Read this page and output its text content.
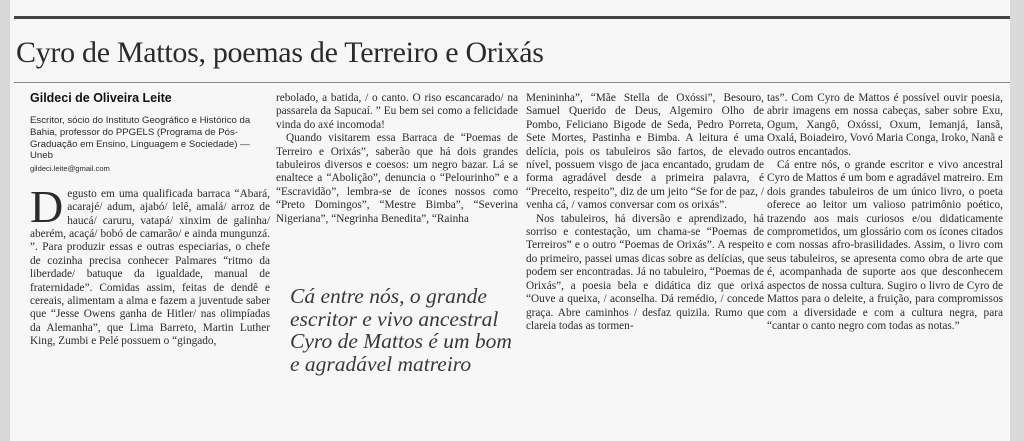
Cyro de Mattos, poemas de Terreiro e Orixás

Gildeci de Oliveira Leite

Escritor, sócio do Instituto Geográfico e Histórico da Bahia, professor do PPGELS (Programa de Pós-Graduação em Ensino, Linguagem e Sociedade) — Uneb

gildeci.leite@gmail.com

Degusto em uma qualificada barraca “Abará, acarajé/ adum, ajabó/ lelê, amalá/ arroz de haucá/ caruru, vatapá/ xinxim de galinha/ aberém, acaçá/ bobó de camarão/ e ainda mungunzá. ”. Para produzir essas e outras especiarias, o chefe de cozinha precisa conhecer Palmares “ritmo da liberdade/ batuque da igualdade, manual de fraternidade”. Comidas assim, feitas de dendê e cereais, alimentam a alma e fazem a juventude saber que “Jesse Owens ganha de Hitler/ nas olimpíadas da Alemanha”, que Lima Barreto, Martin Luther King, Zumbi e Pelé possuem o “gingado,

rebolado, a batida, / o canto. O riso escancarado/ na passarela da Sapucaí. ” Eu bem sei como a felicidade vinda do axé incomoda!

Quando visitarem essa Barraca de “Poemas de Terreiro e Orixás”, saberão que há dois grandes tabuleiros diversos e coesos: um negro bazar. Lá se enaltece a “Abolição”, denuncia o “Pelourinho” e a “Escravidão”, lembra-se de ícones nossos como “Preto Domingos”, “Mestre Bimba”, “Severina Nigeriana”, “Negrinha Benedita”, “Rainha

Cá entre nós, o grande escritor e vivo ancestral Cyro de Mattos é um bom e agradável matreiro

Menininha”, “Mãe Stella de Oxóssi”, Besouro, Samuel Querido de Deus, Algemiro Olho de Pombo, Feliciano Bigode de Seda, Pedro Porreta, Sete Mortes, Pastinha e Bimba. A leitura é uma delícia, pois os tabuleiros são fartos, de elevado nível, possuem visgo de jaca encantado, grudam de forma agradável desde a primeira palavra, é “Preceito, respeito”, diz de um jeito “Se for de paz, / venha cá, / vamos conversar com os orixás”.

Nos tabuleiros, há diversão e aprendizado, há sorriso e contestação, um chama-se “Poemas de Terreiros” e o outro “Poemas de Orixás”. A respeito do primeiro, passei umas dicas sobre as delícias, que podem ser encontradas. Já no tabuleiro, “Poemas de Orixás”, a poesia bela e didática diz que orixá “Ouve a queixa, / aconselha. Dá remédio, / concede graça. Abre caminhos / desfaz quizila. Rumo que clareia todas as tormen-

tas”. Com Cyro de Mattos é possível ouvir poesia, abrir imagens em nossa cabeças, saber sobre Exu, Ogum, Xangô, Oxóssi, Oxum, Iemanjá, Iansã, Oxalá, Boiadeiro, Vovó Maria Conga, Iroko, Nanã e outros encantados.

Cá entre nós, o grande escritor e vivo ancestral Cyro de Mattos é um bom e agradável matreiro. Em dois grandes tabuleiros de um único livro, o poeta oferece ao leitor um valioso patrimônio poético, trazendo aos mais curiosos e/ou didaticamente comprometidos, um glossário com os ícones citados e com nossas afro-brasilidades. Assim, o livro com seus tabuleiros, se apresenta como obra de arte que é, acompanhada de suporte aos que desconhecem aspectos de nossa cultura. Sugiro o livro de Cyro de Mattos para o deleite, a fruição, para compromissos com a diversidade e com a cultura negra, para “cantar o canto negro com todas as notas.”
